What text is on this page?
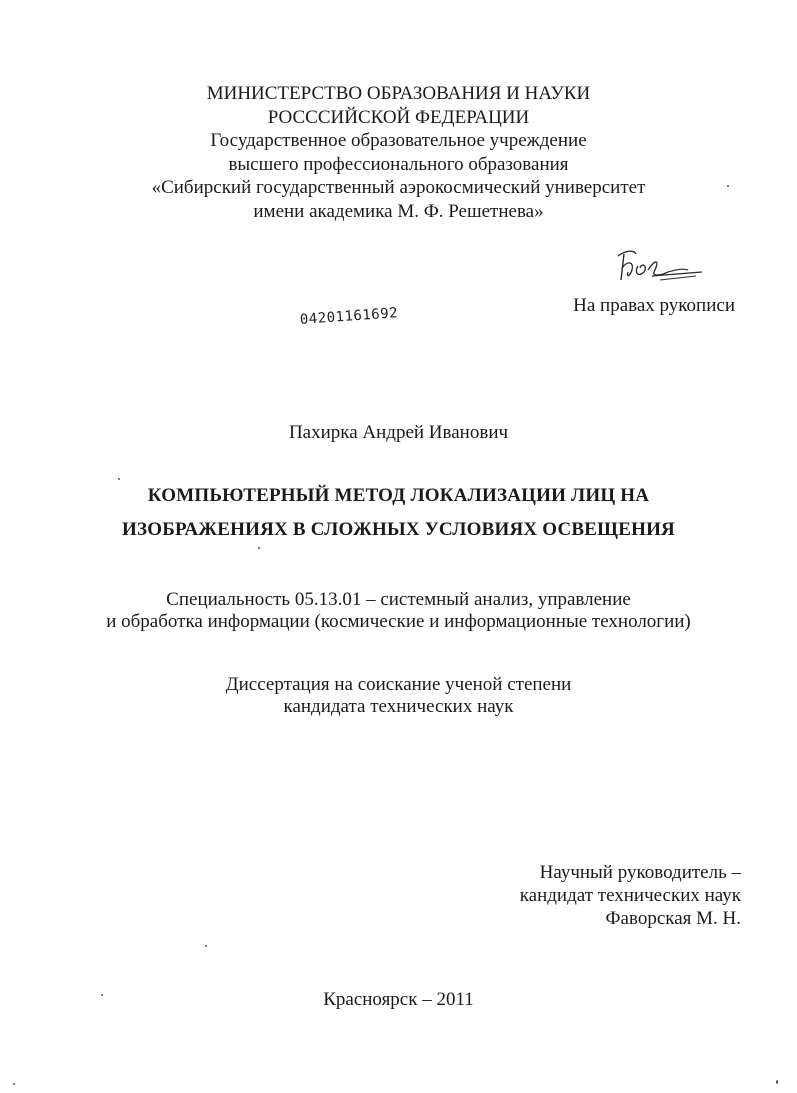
МИНИСТЕРСТВО ОБРАЗОВАНИЯ И НАУКИ
РОСССИЙСКОЙ ФЕДЕРАЦИИ
Государственное образовательное учреждение
высшего профессионального образования
«Сибирский государственный аэрокосмический университет
имени академика М. Ф. Решетнева»
На правах рукописи
04201161692
Пахирка Андрей Иванович
КОМПЬЮТЕРНЫЙ МЕТОД ЛОКАЛИЗАЦИИ ЛИЦ НА
ИЗОБРАЖЕНИЯХ В СЛОЖНЫХ УСЛОВИЯХ ОСВЕЩЕНИЯ
Специальность 05.13.01 – системный анализ, управление
и обработка информации (космические и информационные технологии)
Диссертация на соискание ученой степени
кандидата технических наук
Научный руководитель –
кандидат технических наук
Фаворская М. Н.
Красноярск – 2011
